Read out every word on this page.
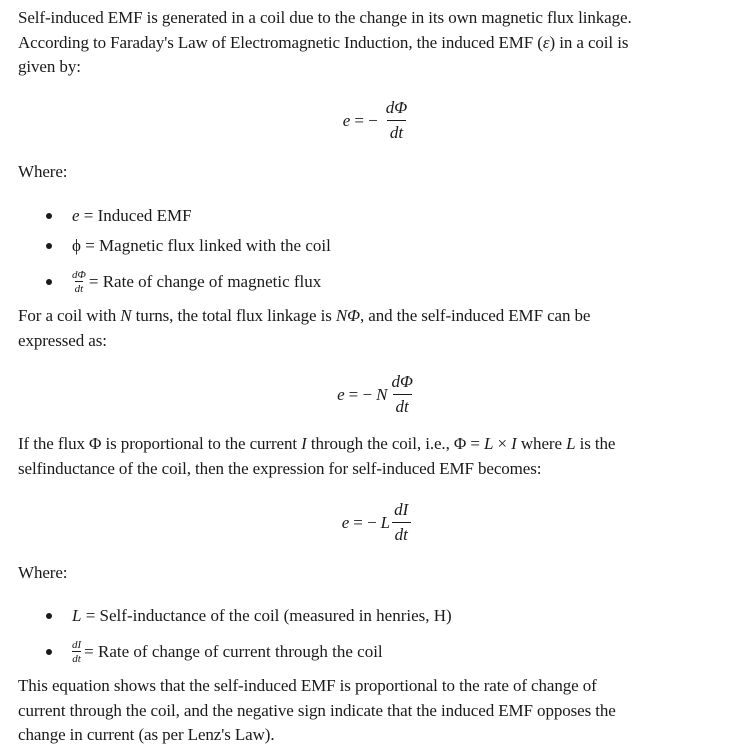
Self-induced EMF is generated in a coil due to the change in its own magnetic flux linkage.

According to Faraday's Law of Electromagnetic Induction, the induced EMF (ε) in a coil is

given by:

e = − $\frac{d\Phi}{dt}$

Where:

e
= Induced EMF
ϕ
= Magnetic flux linked with the coil
$\frac{d\Phi}{dt}$ = Rate of change of magnetic flux

For a coil with N turns, the total flux linkage is NΦ, and the self-induced EMF can be

expressed as:

e = − N $\frac{d\Phi}{dt}$

If the flux Φ is proportional to the current I through the coil, i.e., Φ = L × I where L is the

selfinductance of the coil, then the expression for self-induced EMF becomes:

e = − L $\frac{dI}{dt}$

Where:

L
= Self-inductance of the coil (measured in henries, H)
$\frac{dI}{dt}$ = Rate of change of current through the coil

This equation shows that the self-induced EMF is proportional to the rate of change of

current through the coil, and the negative sign indicate that the induced EMF opposes the

change in current (as per Lenz's Law).
